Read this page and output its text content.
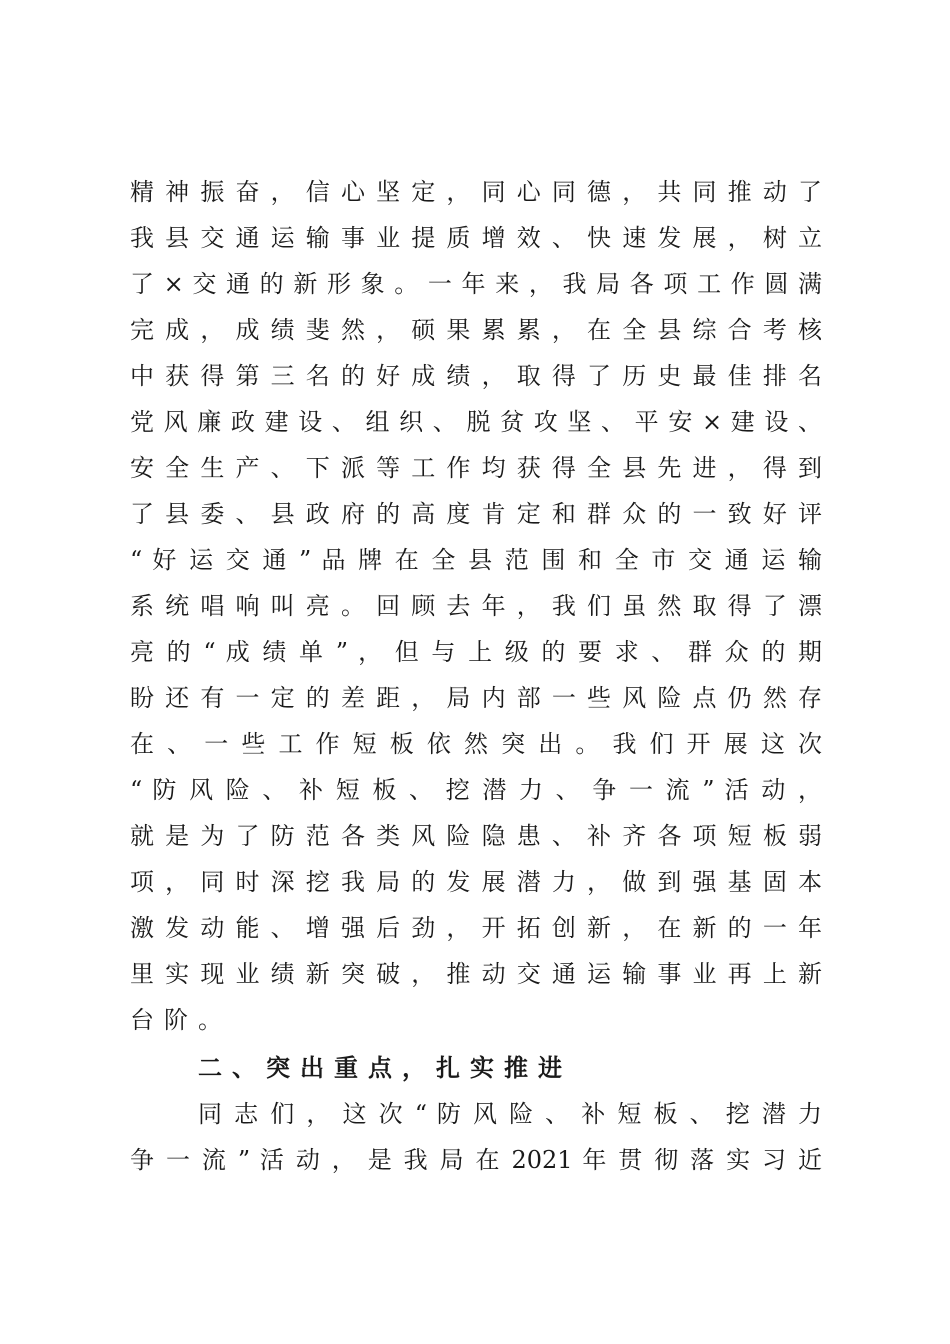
精 神 振 奋 ， 信 心 坚 定 ， 同 心 同 德 ， 共 同 推 动 了
我 县 交 通 运 输 事 业 提 质 增 效 、 快 速 发 展 ， 树 立
了 × 交 通 的 新 形 象 。 一 年 来 ， 我 局 各 项 工 作 圆 满
完 成 ， 成 绩 斐 然 ， 硕 果 累 累 ， 在 全 县 综 合 考 核
中 获 得 第 三 名 的 好 成 绩 ， 取 得 了 历 史 最 佳 排 名
党 风 廉 政 建 设 、 组 织 、 脱 贫 攻 坚 、 平 安 × 建 设 、
安 全 生 产 、 下 派 等 工 作 均 获 得 全 县 先 进 ， 得 到
了 县 委 、 县 政 府 的 高 度 肯 定 和 群 众 的 一 致 好 评
“ 好 运 交 通 ” 品 牌 在 全 县 范 围 和 全 市 交 通 运 输
系 统 唱 响 叫 亮 。 回 顾 去 年 ， 我 们 虽 然 取 得 了 漂
亮 的 “ 成 绩 单 ” ， 但 与 上 级 的 要 求 、 群 众 的 期
盼 还 有 一 定 的 差 距 ， 局 内 部 一 些 风 险 点 仍 然 存
在 、 一 些 工 作 短 板 依 然 突 出 。 我 们 开 展 这 次
“ 防 风 险 、 补 短 板 、 挖 潜 力 、 争 一 流 ” 活 动 ，
就 是 为 了 防 范 各 类 风 险 隐 患 、 补 齐 各 项 短 板 弱
项 ， 同 时 深 挖 我 局 的 发 展 潜 力 ， 做 到 强 基 固 本
激 发 动 能 、 增 强 后 劲 ， 开 拓 创 新 ， 在 新 的 一 年
里 实 现 业 绩 新 突 破 ， 推 动 交 通 运 输 事 业 再 上 新
台阶。
二、突出重点，扎实推进
同 志 们 ， 这 次 “ 防 风 险 、 补 短 板 、 挖 潜 力
争 一 流 ” 活 动 ， 是 我 局 在 2021 年 贯 彻 落 实 习 近
